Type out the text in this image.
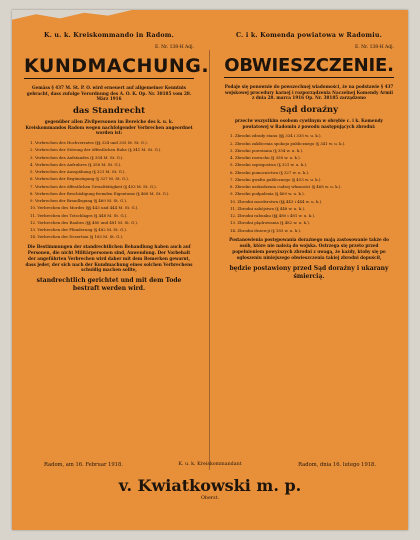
K. u. k. Kreiskommando in Radom.
E. Nr. 138-H Adj.
KUNDMACHUNG.
Gemäss § 437 M. St. P. O. wird erneuert auf allgemeiner Kenntnis gebracht, dass zufolge Verordnung des A. O. K. Op. Nr. 38185 vom 28. März 1916
das Standrecht
gegenüber allen Zivilpersonen im Bereiche des k. u. k. Kreiskommandos Radom wegen nachfolgender Verbrechen angeordnet worden ist:
1. Verbrechen des Hochverrates (§§ 334 und 335 M. St. G.).
2. Verbrechen der Störung der öffentlichen Ruhe (§ 341 M. St. G.).
3. Verbrechen des Aufstandes (§ 354 M. St. G.).
4. Verbrechen des Aufruhres (§ 358 M. St. G.).
5. Verbrechen der Ausspähung (§ 321 M. St. G.).
6. Verbrechen der Begünstigung (§ 327 M. St. G.).
7. Verbrechen des öffentlichen Gewalttätigkeit (§ 453 M. St. G.).
8. Verbrechen der Beschädigung fremden Eigentums (§ 468 M. St. G.).
9. Verbrechen der Brandlegung (§ 469 M. St. G.).
10. Verbrechen des Mordes (§§ 443 und 444 M. St. G.).
11. Verbrechen des Totschlages (§ 448 M. St. G.).
12. Verbrechen des Raubes (§§ 480 und 481 M. St. G.).
13. Verbrechen der Plünderung (§ 482 M. St. G.).
14. Verbrechen der Desertion (§ 183 M. St. G.).
Die Bestimmungen der standrechtlichen Behandlung haben auch auf Personen, die nicht Militärpersonen sind, Anwendung. Der Vorbehalt der angeführten Verbrechen wird daher mit dem Bemerken gewarnt, dass jeder, der sich nach der Kundmachung eines solchen Verbrechens schuldig machen sollte,
standrechtlich gerichtet und mit dem Tode bestraft werden wird.
C. i k. Komenda powiatowa w Radomiu.
E. Nr. 138-H Adj.
OBWIESZCZENIE.
Podaje się ponownie do powszechnej wiadomości, że na podstawie § 437 wojskowej procedury karnej i rozporządzenia Naczelnej Komendy Armii z dnia 28. marca 1916 Op. Nr. 38185 zarządzono
Sąd doraźny
przeciw wszystkim osobom cywilnym w obrębie c. i k. Komendy powiatowej w Radomiu z powodu następujących zbrodni:
1. Zbrodni zdrady stanu (§§ 334 i 335 w. u. k.).
2. Zbrodni zakłócenia spokoju publicznego (§ 341 w. u. k.).
3. Zbrodni powstania (§ 354 w. u. k.).
4. Zbrodni rozruchu (§ 358 w. u. k.).
5. Zbrodni szpiegostwa (§ 321 w. u. k.).
6. Zbrodni pomocnictwa (§ 327 w. u. k.).
7. Zbrodni gwałtu publicznego (§ 453 w. u. k.).
8. Zbrodni uszkodzenia cudzej własności (§ 468 w. u. k.).
9. Zbrodni podpalenia (§ 469 w. u. k.).
10. Zbrodni morderstwa (§§ 443 i 444 w. u. k.).
11. Zbrodni zabójstwa (§ 448 w. u. k.).
12. Zbrodni rabunku (§§ 480 i 481 w. u. k.).
13. Zbrodni plądrowania (§ 482 w. u. k.).
14. Zbrodni dezercji (§ 183 w. u. k.).
Postanowienia postępowania doraźnego mają zastosowanie także do osób, które nie należą do wojska. Ostrzega się przeto przed popełnieniem powyższych zbrodni z uwagą, że każdy, ktoby się po ogłoszeniu niniejszego obwieszczenia takiej zbrodni dopuścił,
będzie postawiony przed Sąd doraźny i ukarany śmiercią.
Radom, am 16. Februar 1918.	K. u. k. Kreiskommandant	Radom, dnia 16. lutego 1918.
v. Kwiatkowski m. p.
Oberst.
